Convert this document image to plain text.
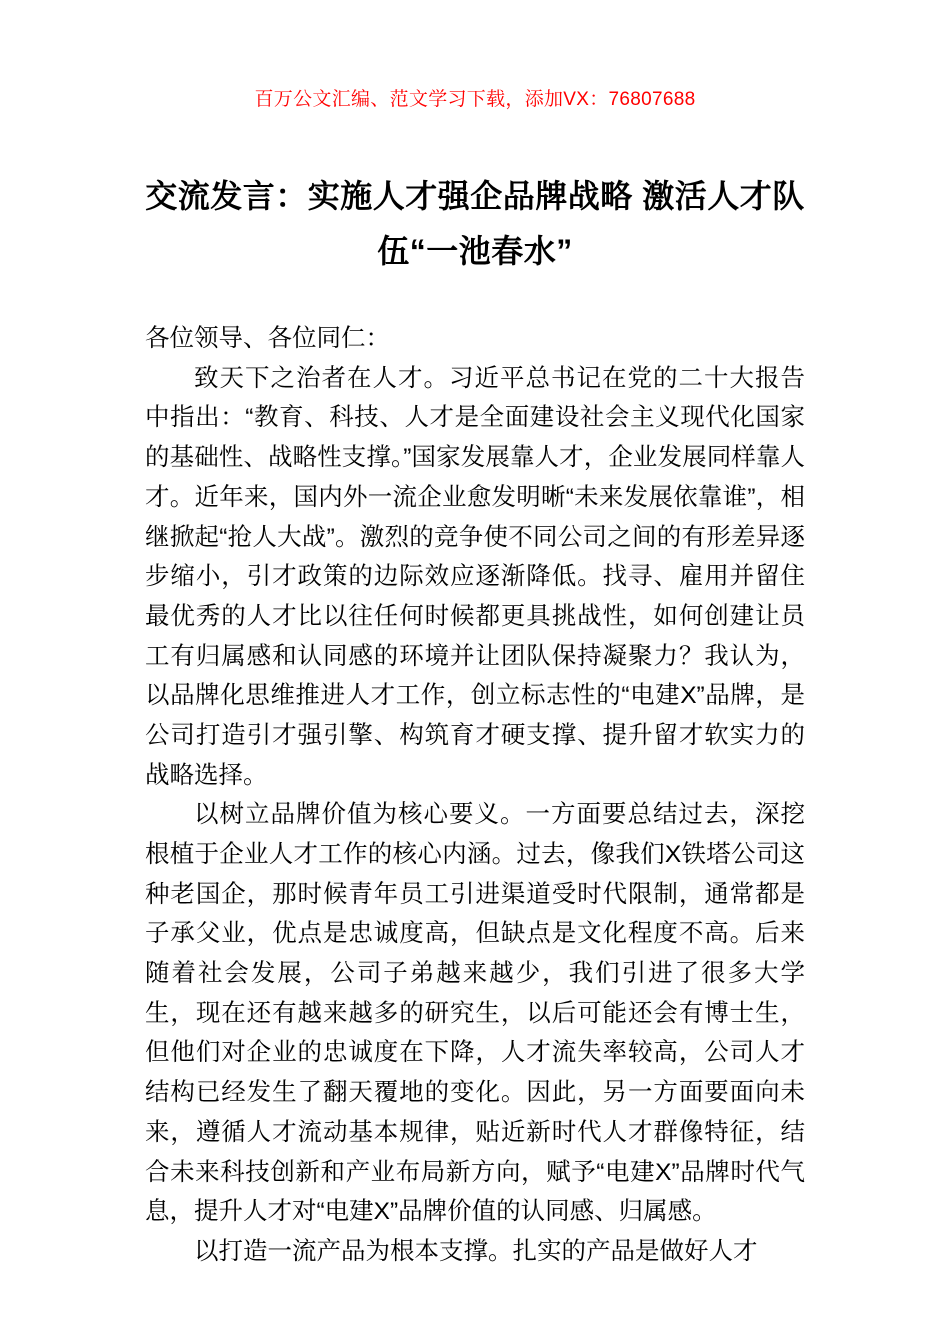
百万公文汇编、范文学习下载，添加VX：76807688
交流发言：实施人才强企品牌战略 激活人才队伍“一池春水”

各位领导、各位同仁：

致天下之治者在人才。习近平总书记在党的二十大报告中指出：“教育、科技、人才是全面建设社会主义现代化国家的基础性、战略性支撑。”国家发展靠人才，企业发展同样靠人才。近年来，国内外一流企业愈发明晰“未来发展依靠谁”，相继掀起“抢人大战”。激烈的竞争使不同公司之间的有形差异逐步缩小，引才政策的边际效应逐渐降低。找寻、雇用并留住最优秀的人才比以往任何时候都更具挑战性，如何创建让员工有归属感和认同感的环境并让团队保持凝聚力？我认为，以品牌化思维推进人才工作，创立标志性的“电建X”品牌，是公司打造引才强引擎、构筑育才硬支撑、提升留才软实力的战略选择。

以树立品牌价值为核心要义。一方面要总结过去，深挖根植于企业人才工作的核心内涵。过去，像我们X铁塔公司这种老国企，那时候青年员工引进渠道受时代限制，通常都是子承父业，优点是忠诚度高，但缺点是文化程度不高。后来随着社会发展，公司子弟越来越少，我们引进了很多大学生，现在还有越来越多的研究生，以后可能还会有博士生，但他们对企业的忠诚度在下降，人才流失率较高，公司人才结构已经发生了翻天覆地的变化。因此，另一方面要面向未来，遵循人才流动基本规律，贴近新时代人才群像特征，结合未来科技创新和产业布局新方向，赋予“电建X”品牌时代气息，提升人才对“电建X”品牌价值的认同感、归属感。

以打造一流产品为根本支撑。扎实的产品是做好人才
